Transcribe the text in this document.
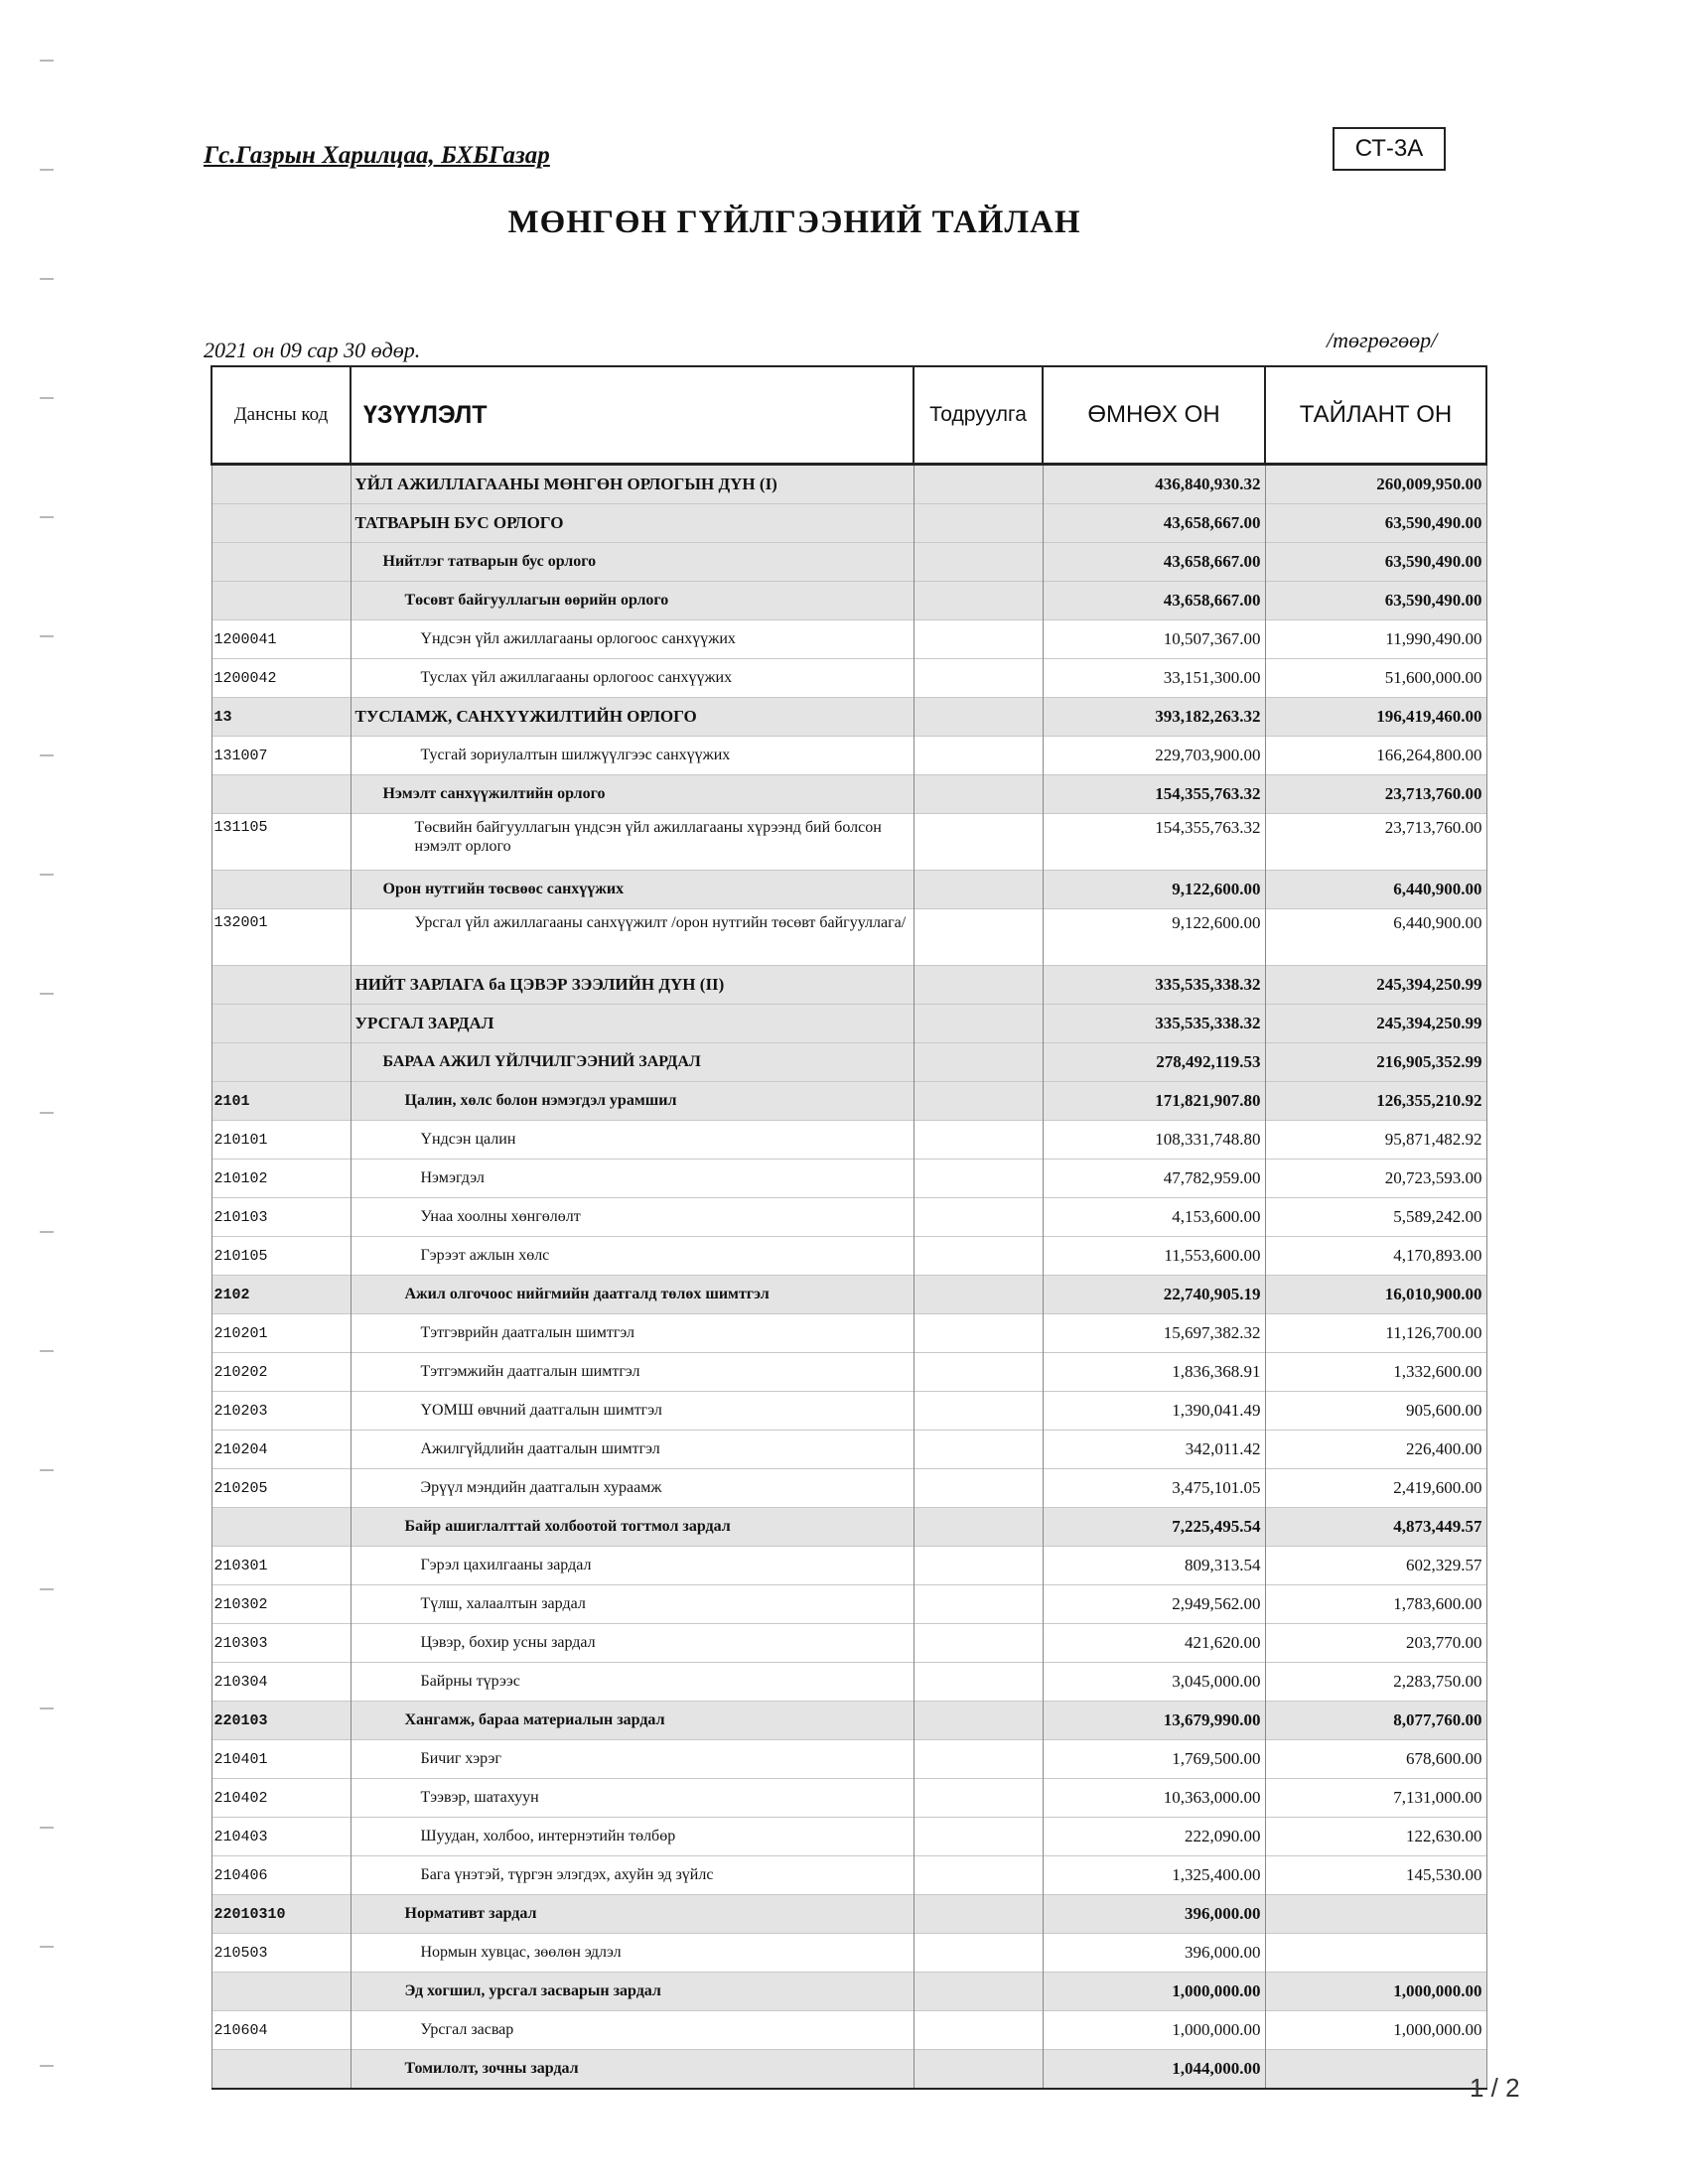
Гс.Газрын Харилцаа, БХБГазар	СТ-3А
МӨНГӨН ГҮЙЛГЭЭНИЙ ТАЙЛАН
2021 он 09 сар 30 өдөр.	/төгрөгөөр/
Дансны код	ҮЗҮҮЛЭЛТ	Тодруулга	ӨМНӨХ ОН	ТАЙЛАНТ ОН
	ҮЙЛ АЖИЛЛАГААНЫ МӨНГӨН ОРЛОГЫН ДҮН (I)		436,840,930.32	260,009,950.00
	ТАТВАРЫН БУС ОРЛОГО		43,658,667.00	63,590,490.00
	Нийтлэг татварын бус орлого		43,658,667.00	63,590,490.00
	Төсөвт байгууллагын өөрийн орлого		43,658,667.00	63,590,490.00
1200041	Үндсэн үйл ажиллагааны орлогоос санхүүжих		10,507,367.00	11,990,490.00
1200042	Туслах үйл ажиллагааны орлогоос санхүүжих		33,151,300.00	51,600,000.00
13	ТУСЛАМЖ, САНХҮҮЖИЛТИЙН ОРЛОГО		393,182,263.32	196,419,460.00
131007	Тусгай зориулалтын шилжүүлгээс санхүүжих		229,703,900.00	166,264,800.00
	Нэмэлт санхүүжилтийн орлого		154,355,763.32	23,713,760.00
131105	Төсвийн байгууллагын үндсэн үйл ажиллагааны хүрээнд бий болсон нэмэлт орлого		154,355,763.32	23,713,760.00
	Орон нутгийн төсвөөс санхүүжих		9,122,600.00	6,440,900.00
132001	Урсгал үйл ажиллагааны санхүүжилт /орон нутгийн төсөвт байгууллага/		9,122,600.00	6,440,900.00
	НИЙТ ЗАРЛАГА ба ЦЭВЭР ЗЭЭЛИЙН ДҮН (II)		335,535,338.32	245,394,250.99
	УРСГАЛ ЗАРДАЛ		335,535,338.32	245,394,250.99
	БАРАА АЖИЛ ҮЙЛЧИЛГЭЭНИЙ ЗАРДАЛ		278,492,119.53	216,905,352.99
2101	Цалин, хөлс болон нэмэгдэл урамшил		171,821,907.80	126,355,210.92
210101	Үндсэн цалин		108,331,748.80	95,871,482.92
210102	Нэмэгдэл		47,782,959.00	20,723,593.00
210103	Унаа хоолны хөнгөлөлт		4,153,600.00	5,589,242.00
210105	Гэрээт ажлын хөлс		11,553,600.00	4,170,893.00
2102	Ажил олгочоос нийгмийн даатгалд төлөх шимтгэл		22,740,905.19	16,010,900.00
210201	Тэтгэврийн даатгалын шимтгэл		15,697,382.32	11,126,700.00
210202	Тэтгэмжийн даатгалын шимтгэл		1,836,368.91	1,332,600.00
210203	ҮОМШ өвчний даатгалын шимтгэл		1,390,041.49	905,600.00
210204	Ажилгүйдлийн даатгалын шимтгэл		342,011.42	226,400.00
210205	Эрүүл мэндийн даатгалын хураамж		3,475,101.05	2,419,600.00
	Байр ашиглалттай холбоотой тогтмол зардал		7,225,495.54	4,873,449.57
210301	Гэрэл цахилгааны зардал		809,313.54	602,329.57
210302	Түлш, халаалтын зардал		2,949,562.00	1,783,600.00
210303	Цэвэр, бохир усны зардал		421,620.00	203,770.00
210304	Байрны түрээс		3,045,000.00	2,283,750.00
220103	Хангамж, бараа материалын зардал		13,679,990.00	8,077,760.00
210401	Бичиг хэрэг		1,769,500.00	678,600.00
210402	Тээвэр, шатахуун		10,363,000.00	7,131,000.00
210403	Шуудан, холбоо, интернэтийн төлбөр		222,090.00	122,630.00
210406	Бага үнэтэй, түргэн элэгдэх, ахуйн эд зүйлс		1,325,400.00	145,530.00
22010310	Нормативт зардал		396,000.00	
210503	Нормын хувцас, зөөлөн эдлэл		396,000.00	
	Эд хогшил, урсгал засварын зардал		1,000,000.00	1,000,000.00
210604	Урсгал засвар		1,000,000.00	1,000,000.00
	Томилолт, зочны зардал		1,044,000.00	
1 / 2
